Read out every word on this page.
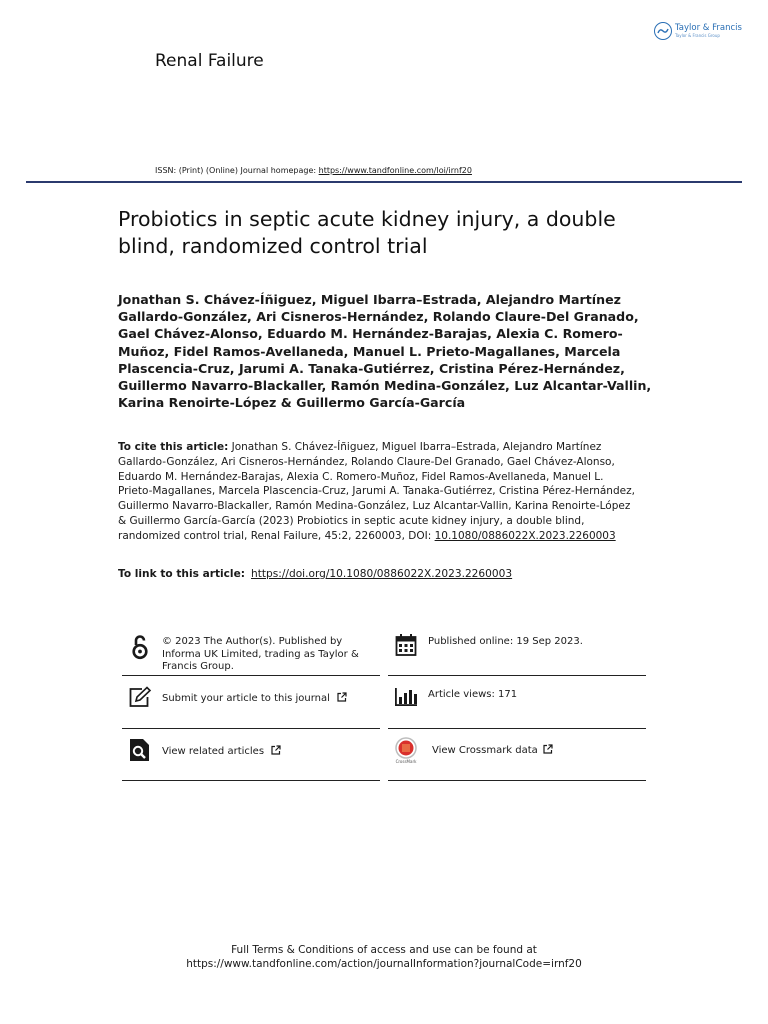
Taylor & Francis
Taylor & Francis Group
Renal Failure
ISSN: (Print) (Online) Journal homepage: https://www.tandfonline.com/loi/irnf20
Probiotics in septic acute kidney injury, a double blind, randomized control trial
Jonathan S. Chávez-Íñiguez, Miguel Ibarra–Estrada, Alejandro Martínez Gallardo-González, Ari Cisneros-Hernández, Rolando Claure-Del Granado, Gael Chávez-Alonso, Eduardo M. Hernández-Barajas, Alexia C. Romero-Muñoz, Fidel Ramos-Avellaneda, Manuel L. Prieto-Magallanes, Marcela Plascencia-Cruz, Jarumi A. Tanaka-Gutiérrez, Cristina Pérez-Hernández, Guillermo Navarro-Blackaller, Ramón Medina-González, Luz Alcantar-Vallin, Karina Renoirte-López & Guillermo García-García
To cite this article: Jonathan S. Chávez-Íñiguez, Miguel Ibarra–Estrada, Alejandro Martínez Gallardo-González, Ari Cisneros-Hernández, Rolando Claure-Del Granado, Gael Chávez-Alonso, Eduardo M. Hernández-Barajas, Alexia C. Romero-Muñoz, Fidel Ramos-Avellaneda, Manuel L. Prieto-Magallanes, Marcela Plascencia-Cruz, Jarumi A. Tanaka-Gutiérrez, Cristina Pérez-Hernández, Guillermo Navarro-Blackaller, Ramón Medina-González, Luz Alcantar-Vallin, Karina Renoirte-López & Guillermo García-García (2023) Probiotics in septic acute kidney injury, a double blind, randomized control trial, Renal Failure, 45:2, 2260003, DOI: 10.1080/0886022X.2023.2260003
To link to this article: https://doi.org/10.1080/0886022X.2023.2260003
© 2023 The Author(s). Published by Informa UK Limited, trading as Taylor & Francis Group.
Published online: 19 Sep 2023.
Submit your article to this journal	Article views: 171
View related articles
CrossMark
View Crossmark data
Full Terms & Conditions of access and use can be found at
https://www.tandfonline.com/action/journalInformation?journalCode=irnf20
